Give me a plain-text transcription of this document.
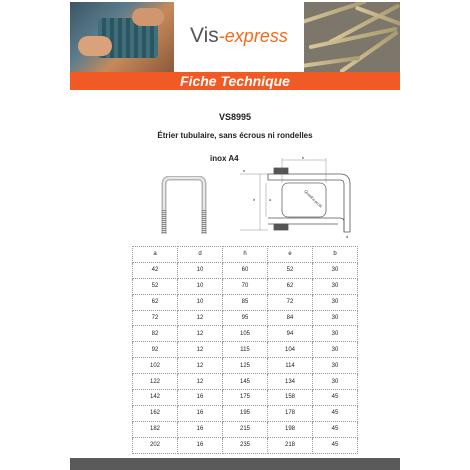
Vis-express
Fiche Technique
VS8995
Étrier tubulaire, sans écrous ni rondelles
inox A4	b
h	a
e
d
Quadra-profil
a	d	h	e	b
42	10	60	52	30
52	10	70	62	30
62	10	85	72	30
72	12	95	84	30
82	12	105	94	30
92	12	115	104	30
102	12	125	114	30
122	12	145	134	30
142	16	175	158	45
162	16	195	178	45
182	16	215	198	45
202	16	235	218	45
